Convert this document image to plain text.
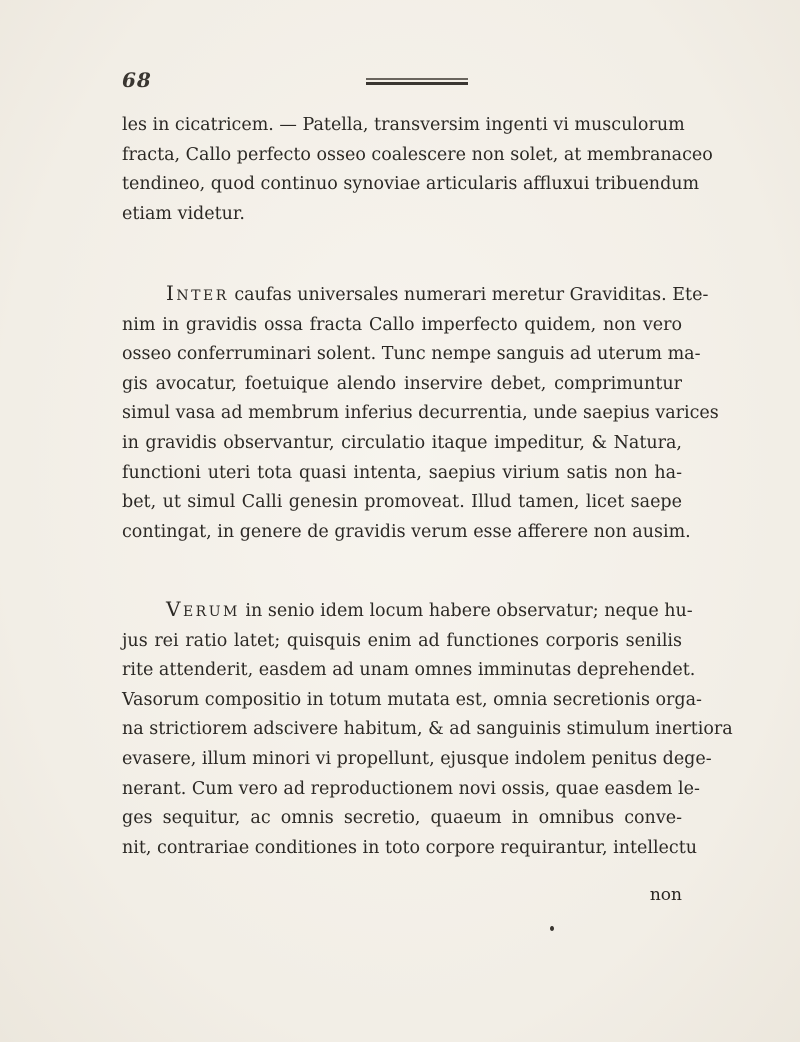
68
les in cicatricem. — Patella, transversim ingenti vi musculorum
fracta, Callo perfecto osseo coalescere non solet, at membranaceo
tendineo, quod continuo synoviae articularis affluxui tribuendum
etiam videtur.
Inter caufas universales numerari meretur Graviditas. Ete-
nim in gravidis ossa fracta Callo imperfecto quidem, non vero
osseo conferruminari solent. Tunc nempe sanguis ad uterum ma-
gis avocatur, foetuique alendo inservire debet, comprimuntur
simul vasa ad membrum inferius decurrentia, unde saepius varices
in gravidis observantur, circulatio itaque impeditur, & Natura,
functioni uteri tota quasi intenta, saepius virium satis non ha-
bet, ut simul Calli genesin promoveat. Illud tamen, licet saepe
contingat, in genere de gravidis verum esse afferere non ausim.
Verum in senio idem locum habere observatur; neque hu-
jus rei ratio latet; quisquis enim ad functiones corporis senilis
rite attenderit, easdem ad unam omnes imminutas deprehendet.
Vasorum compositio in totum mutata est, omnia secretionis orga-
na strictiorem adscivere habitum, & ad sanguinis stimulum inertiora
evasere, illum minori vi propellunt, ejusque indolem penitus dege-
nerant. Cum vero ad reproductionem novi ossis, quae easdem le-
ges sequitur, ac omnis secretio, quaeum in omnibus conve-
nit, contrariae conditiones in toto corpore requirantur, intellectu
non
